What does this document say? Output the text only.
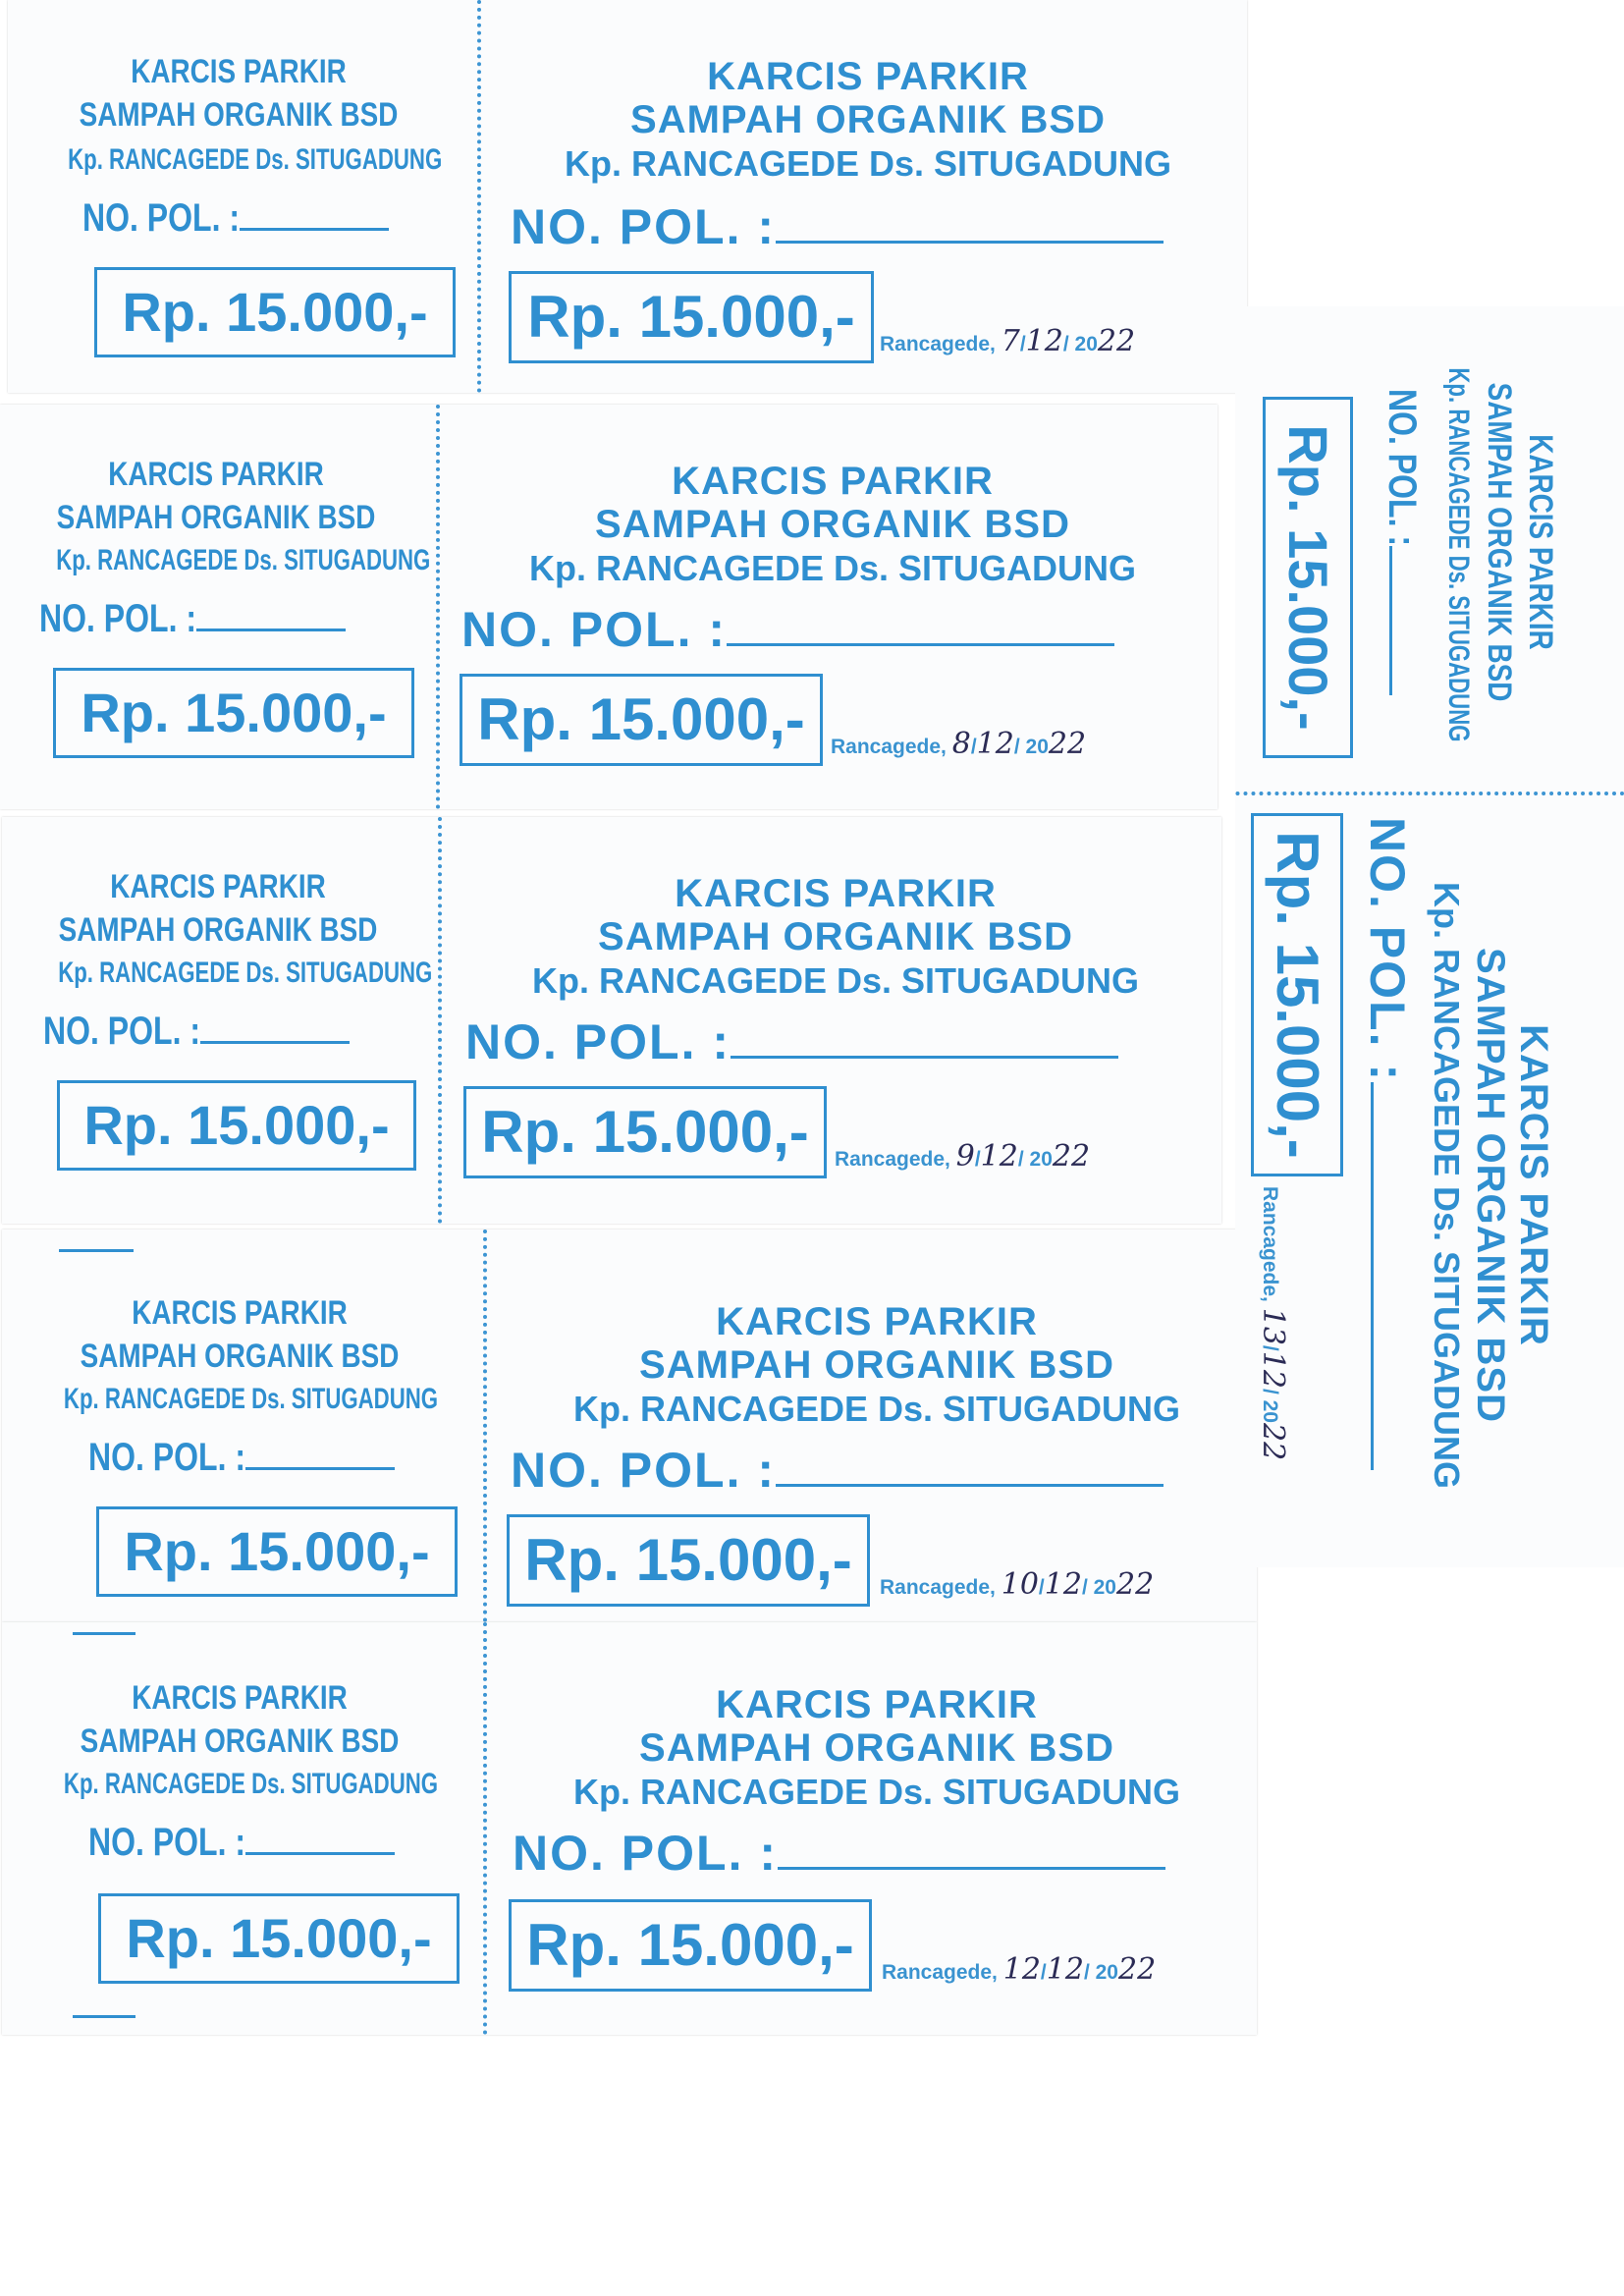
KARCIS PARKIR
SAMPAH ORGANIK BSD
Kp. RANCAGEDE Ds. SITUGADUNG
NO. POL. :
Rp. 15.000,-
KARCIS PARKIR
SAMPAH ORGANIK BSD
Kp. RANCAGEDE Ds. SITUGADUNG
NO. POL. :
Rp. 15.000,-	Rancagede, 7/12/ 2022
KARCIS PARKIR
SAMPAH ORGANIK BSD
Kp. RANCAGEDE Ds. SITUGADUNG
NO. POL. :
Rp. 15.000,-
KARCIS PARKIR
SAMPAH ORGANIK BSD
Kp. RANCAGEDE Ds. SITUGADUNG
NO. POL. :
Rp. 15.000,-	Rancagede, 8/12/ 2022
KARCIS PARKIR
SAMPAH ORGANIK BSD
Kp. RANCAGEDE Ds. SITUGADUNG
NO. POL. :
Rp. 15.000,-
KARCIS PARKIR
SAMPAH ORGANIK BSD
Kp. RANCAGEDE Ds. SITUGADUNG
NO. POL. :
Rp. 15.000,-	Rancagede, 9/12/ 2022
KARCIS PARKIR
SAMPAH ORGANIK BSD
Kp. RANCAGEDE Ds. SITUGADUNG
NO. POL. :
Rp. 15.000,-
KARCIS PARKIR
SAMPAH ORGANIK BSD
Kp. RANCAGEDE Ds. SITUGADUNG
NO. POL. :
Rp. 15.000,-	Rancagede, 10/12/ 2022
KARCIS PARKIR
SAMPAH ORGANIK BSD
Kp. RANCAGEDE Ds. SITUGADUNG
NO. POL. :
Rp. 15.000,-
KARCIS PARKIR
SAMPAH ORGANIK BSD
Kp. RANCAGEDE Ds. SITUGADUNG
NO. POL. :
Rp. 15.000,-	Rancagede, 12/12/ 2022
KARCIS PARKIR
SAMPAH ORGANIK BSD
Kp. RANCAGEDE Ds. SITUGADUNG
NO. POL. :
Rp. 15.000,-
KARCIS PARKIR
SAMPAH ORGANIK BSD
Kp. RANCAGEDE Ds. SITUGADUNG
NO. POL. :
Rp. 15.000,-
Rancagede, 13/12/ 2022
